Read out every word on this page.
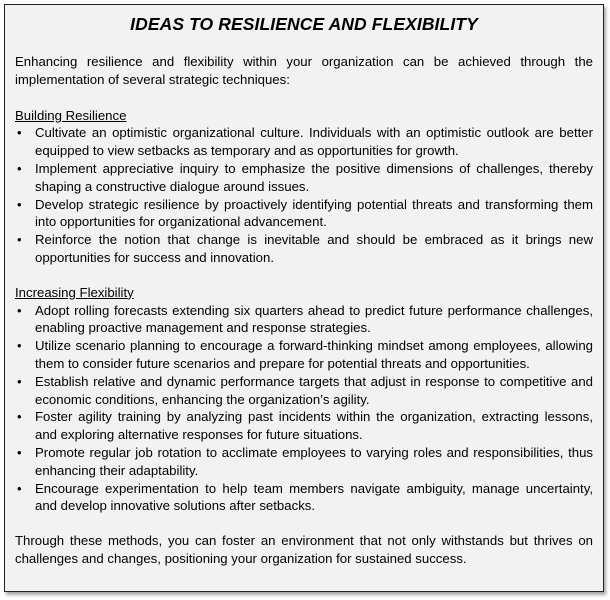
IDEAS TO RESILIENCE AND FLEXIBILITY

Enhancing resilience and flexibility within your organization can be achieved through the implementation of several strategic techniques:

Building Resilience
• Cultivate an optimistic organizational culture. Individuals with an optimistic outlook are better equipped to view setbacks as temporary and as opportunities for growth.
• Implement appreciative inquiry to emphasize the positive dimensions of challenges, thereby shaping a constructive dialogue around issues.
• Develop strategic resilience by proactively identifying potential threats and transforming them into opportunities for organizational advancement.
• Reinforce the notion that change is inevitable and should be embraced as it brings new opportunities for success and innovation.
Increasing Flexibility
• Adopt rolling forecasts extending six quarters ahead to predict future performance challenges, enabling proactive management and response strategies.
• Utilize scenario planning to encourage a forward-thinking mindset among employees, allowing them to consider future scenarios and prepare for potential threats and opportunities.
• Establish relative and dynamic performance targets that adjust in response to competitive and economic conditions, enhancing the organization’s agility.
• Foster agility training by analyzing past incidents within the organization, extracting lessons, and exploring alternative responses for future situations.
• Promote regular job rotation to acclimate employees to varying roles and responsibilities, thus enhancing their adaptability.
• Encourage experimentation to help team members navigate ambiguity, manage uncertainty, and develop innovative solutions after setbacks.

Through these methods, you can foster an environment that not only withstands but thrives on challenges and changes, positioning your organization for sustained success.
